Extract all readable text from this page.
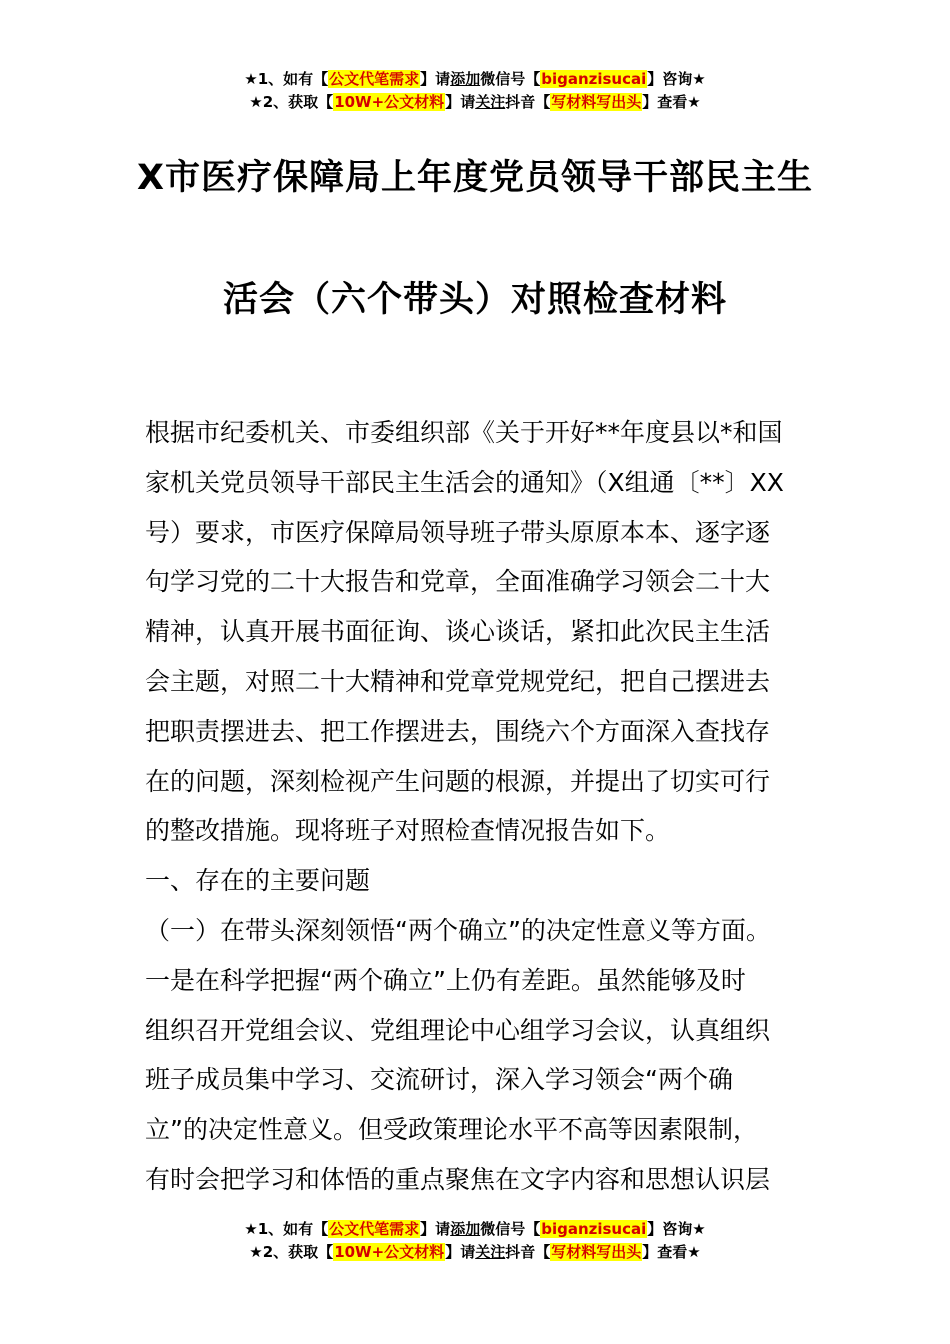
★1、如有【公文代笔需求】请添加微信号【biganzisucai】咨询★
★2、获取【10W+公文材料】请关注抖音【写材料写出头】查看★
X市医疗保障局上年度党员领导干部民主生
活会（六个带头）对照检查材料
根据市纪委机关、市委组织部《关于开好**年度县以*和国
家机关党员领导干部民主生活会的通知》（X组通〔**〕XX
号）要求，市医疗保障局领导班子带头原原本本、逐字逐
句学习党的二十大报告和党章，全面准确学习领会二十大
精神，认真开展书面征询、谈心谈话，紧扣此次民主生活
会主题，对照二十大精神和党章党规党纪，把自己摆进去
把职责摆进去、把工作摆进去，围绕六个方面深入查找存
在的问题，深刻检视产生问题的根源，并提出了切实可行
的整改措施。现将班子对照检查情况报告如下。
一、存在的主要问题
（一）在带头深刻领悟“两个确立”的决定性意义等方面。
一是在科学把握“两个确立”上仍有差距。虽然能够及时
组织召开党组会议、党组理论中心组学习会议，认真组织
班子成员集中学习、交流研讨，深入学习领会“两个确
立”的决定性意义。但受政策理论水平不高等因素限制，
有时会把学习和体悟的重点聚焦在文字内容和思想认识层
★1、如有【公文代笔需求】请添加微信号【biganzisucai】咨询★
★2、获取【10W+公文材料】请关注抖音【写材料写出头】查看★
